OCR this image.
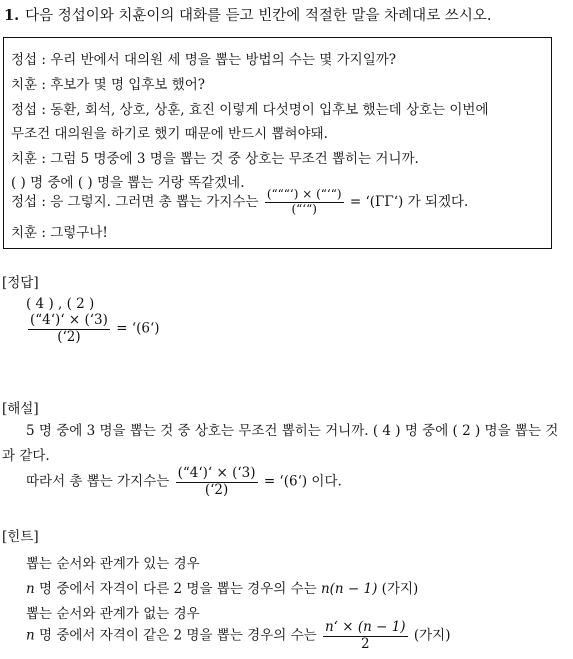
1. 다음 정섭이와 치훈이의 대화를 듣고 빈칸에 적절한 말을 차례대로 쓰시오.
정섭 : 우리 반에서 대의원 세 명을 뽑는 방법의 수는 몇 가지일까?
치훈 : 후보가 몇 명 입후보 했어?
정섭 : 동환, 회석, 상호, 상훈, 효진 이렇게 다섯명이 입후보 했는데 상호는 이번에
무조건 대의원을 하기로 했기 때문에 반드시 뽑혀야돼.
치훈 : 그럼 5 명중에 3 명을 뽑는 것 중 상호는 무조건 뽑히는 거니까.
( ) 명 중에 ( ) 명을 뽑는 거랑 똑같겠네.
정섭 : 응 그렇지. 그러면 총 뽑는 가지수는 $\frac{(“““‘) \times (“‘“)}{(“‘“)}$ = ‘(ΓΓ‘) 가 되겠다.
치훈 : 그렇구나!
[정답]
( 4 ) , ( 2 )
$\frac{(“4‘)‘ \times (‘3)}{(‘2)}$ = ‘(6‘)
[해설]
5 명 중에 3 명을 뽑는 것 중 상호는 무조건 뽑히는 거니까. ( 4 ) 명 중에 ( 2 ) 명을 뽑는 것과 같다.
따라서 총 뽑는 가지수는 $\frac{(“4‘)‘ \times (‘3)}{(‘2)}$ = ‘(6‘) 이다.
[힌트]
뽑는 순서와 관계가 있는 경우
n 명 중에서 자격이 다른 2 명을 뽑는 경우의 수는 n(n − 1) (가지)
뽑는 순서와 관계가 없는 경우
n 명 중에서 자격이 같은 2 명을 뽑는 경우의 수는 $\frac{n‘ \times (n - 1)}{2}$ (가지)
